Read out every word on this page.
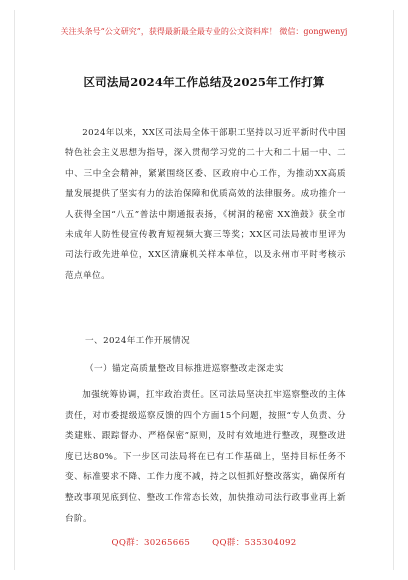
关注头条号“公文研究”，获得最新最全最专业的公文资料库！ 微信：gongwenyj
区司法局2024年工作总结及2025年工作打算
2024年以来，XX区司法局全体干部职工坚持以习近平新时代中国特色社会主义思想为指导，深入贯彻学习党的二十大和二十届一中、二中、三中全会精神，紧紧围绕区委、区政府中心工作，为推动XX高质量发展提供了坚实有力的法治保障和优质高效的法律服务。成功推介一人获得全国“八五”普法中期通报表扬，《树洞的秘密 XX渔鼓》获全市未成年人防性侵宣传教育短视频大赛三等奖；XX区司法局被市里评为司法行政先进单位，XX区清廉机关样本单位，以及永州市平时考核示范点单位。
一、2024年工作开展情况
（一）锚定高质量整改目标推进巡察整改走深走实
加强统筹协调，扛牢政治责任。区司法局坚决扛牢巡察整改的主体责任，对市委提级巡察反馈的四个方面15个问题，按照“专人负责、分类建账、跟踪督办、严格保密”原则，及时有效地进行整改，现整改进度已达80%。下一步区司法局将在已有工作基础上，坚持目标任务不变、标准要求不降、工作力度不减，持之以恒抓好整改落实，确保所有整改事项见底到位、整改工作常态长效，加快推动司法行政事业再上新台阶。
QQ群：30265665	QQ群：535304092
